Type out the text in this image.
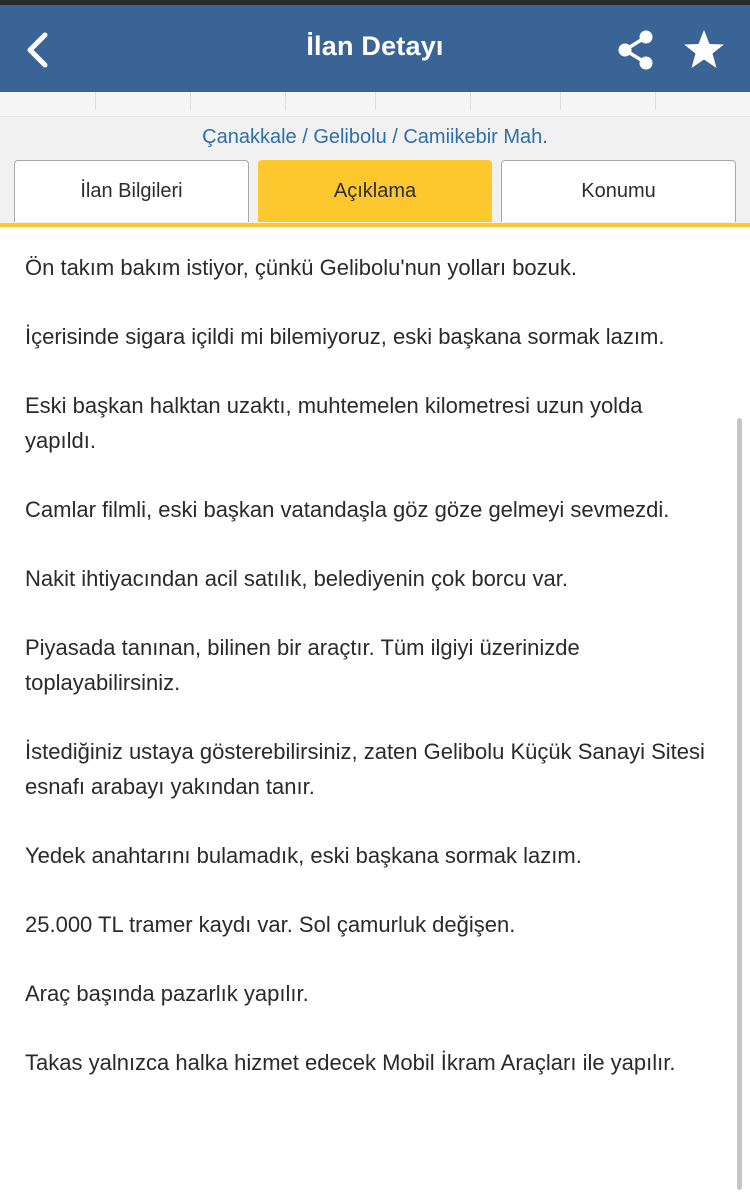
İlan Detayı
Çanakkale / Gelibolu / Camiikebir Mah.
İlan Bilgileri	Açıklama	Konumu

Ön takım bakım istiyor, çünkü Gelibolu'nun yolları bozuk.

İçerisinde sigara içildi mi bilemiyoruz, eski başkana sormak lazım.

Eski başkan halktan uzaktı, muhtemelen kilometresi uzun yolda yapıldı.

Camlar filmli, eski başkan vatandaşla göz göze gelmeyi sevmezdi.

Nakit ihtiyacından acil satılık, belediyenin çok borcu var.

Piyasada tanınan, bilinen bir araçtır. Tüm ilgiyi üzerinizde toplayabilirsiniz.

İstediğiniz ustaya gösterebilirsiniz, zaten Gelibolu Küçük Sanayi Sitesi esnafı arabayı yakından tanır.

Yedek anahtarını bulamadık, eski başkana sormak lazım.

25.000 TL tramer kaydı var. Sol çamurluk değişen.

Araç başında pazarlık yapılır.

Takas yalnızca halka hizmet edecek Mobil İkram Araçları ile yapılır.
